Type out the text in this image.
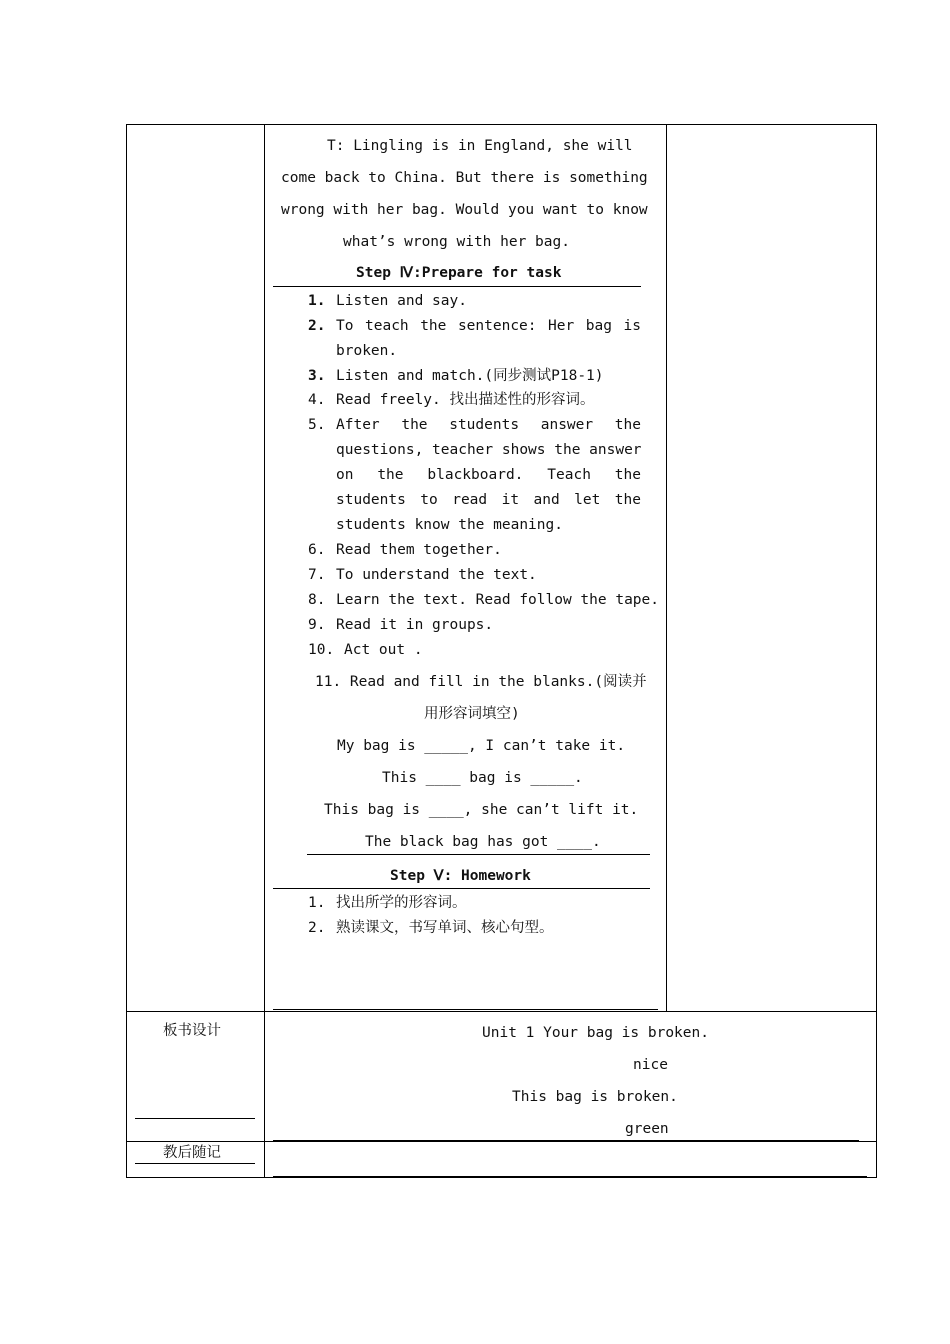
T: Lingling is in England, she will
come back to China. But there is something
wrong with her bag. Would you want to know
what’s wrong with her bag.
Step Ⅳ:Prepare for task
1. Listen and say.
2. To teach the sentence: Her bag is
broken.
3. Listen and match.(同步测试P18-1)
4. Read freely. 找出描述性的形容词。
5. After the students answer the
questions, teacher shows the answer
on the blackboard. Teach the
students to read it and let the
students know the meaning.
6. Read them together.
7. To understand the text.
8. Learn the text. Read follow the tape.
9. Read it in groups.
10. Act out .
11. Read and fill in the blanks.(阅读并
用形容词填空)
My bag is _____, I can’t take it.
This ____ bag is _____.
This bag is ____, she can’t lift it.
The black bag has got ____.
Step Ⅴ: Homework
1. 找出所学的形容词。
2. 熟读课文，书写单词、核心句型。
板书设计	Unit 1 Your bag is broken.
nice
This bag is broken.
green
教后随记
